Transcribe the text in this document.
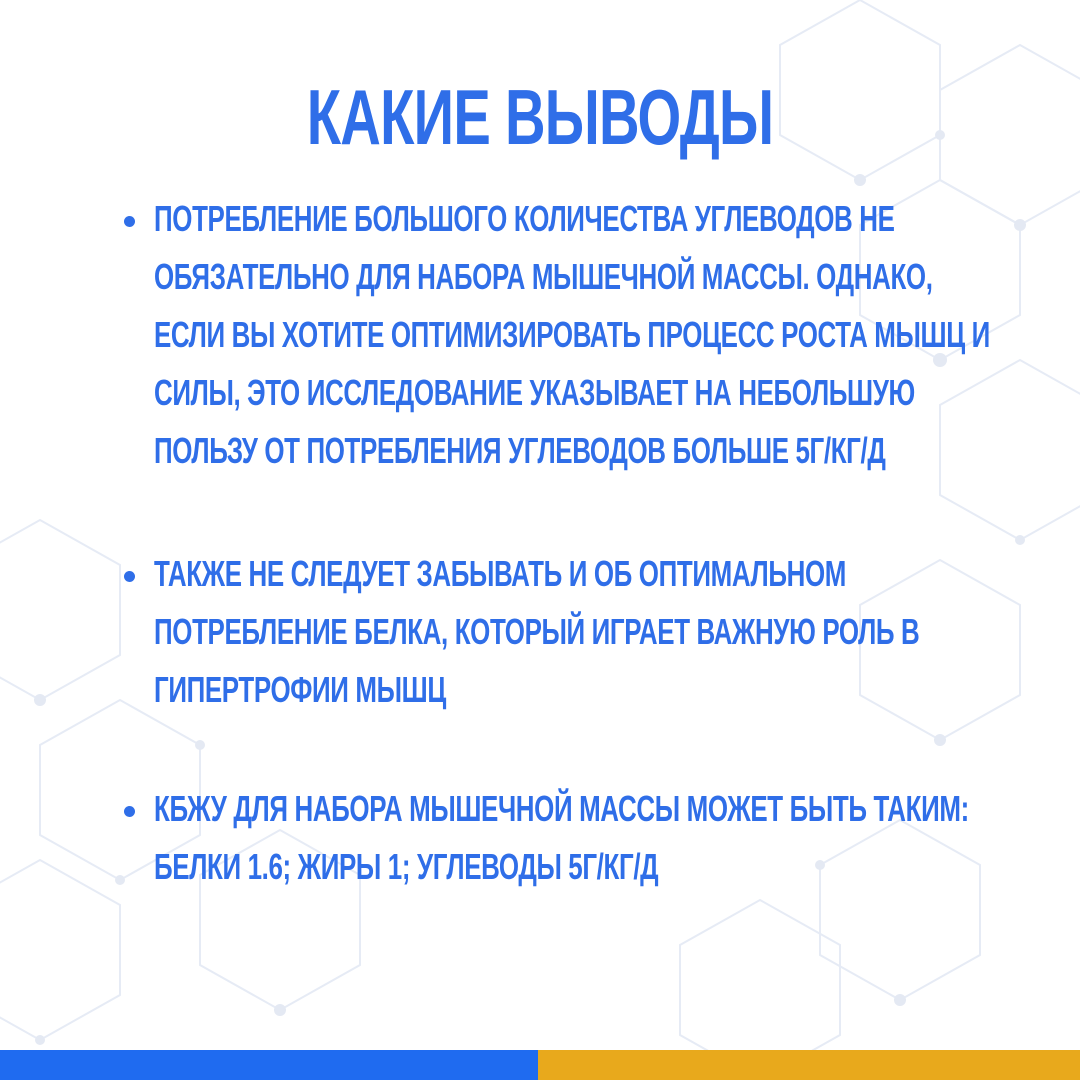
КАКИЕ ВЫВОДЫ
ПОТРЕБЛЕНИЕ БОЛЬШОГО КОЛИЧЕСТВА УГЛЕВОДОВ НЕ ОБЯЗАТЕЛЬНО ДЛЯ НАБОРА МЫШЕЧНОЙ МАССЫ. ОДНАКО, ЕСЛИ ВЫ ХОТИТЕ ОПТИМИЗИРОВАТЬ ПРОЦЕСС РОСТА МЫШЦ И СИЛЫ, ЭТО ИССЛЕДОВАНИЕ УКАЗЫВАЕТ НА НЕБОЛЬШУЮ ПОЛЬЗУ ОТ ПОТРЕБЛЕНИЯ УГЛЕВОДОВ БОЛЬШЕ 5Г/КГ/Д
ТАКЖЕ НЕ СЛЕДУЕТ ЗАБЫВАТЬ И ОБ ОПТИМАЛЬНОМ ПОТРЕБЛЕНИЕ БЕЛКА, КОТОРЫЙ ИГРАЕТ ВАЖНУЮ РОЛЬ В ГИПЕРТРОФИИ МЫШЦ
КБЖУ ДЛЯ НАБОРА МЫШЕЧНОЙ МАССЫ МОЖЕТ БЫТЬ ТАКИМ: БЕЛКИ 1.6; ЖИРЫ 1; УГЛЕВОДЫ 5Г/КГ/Д
